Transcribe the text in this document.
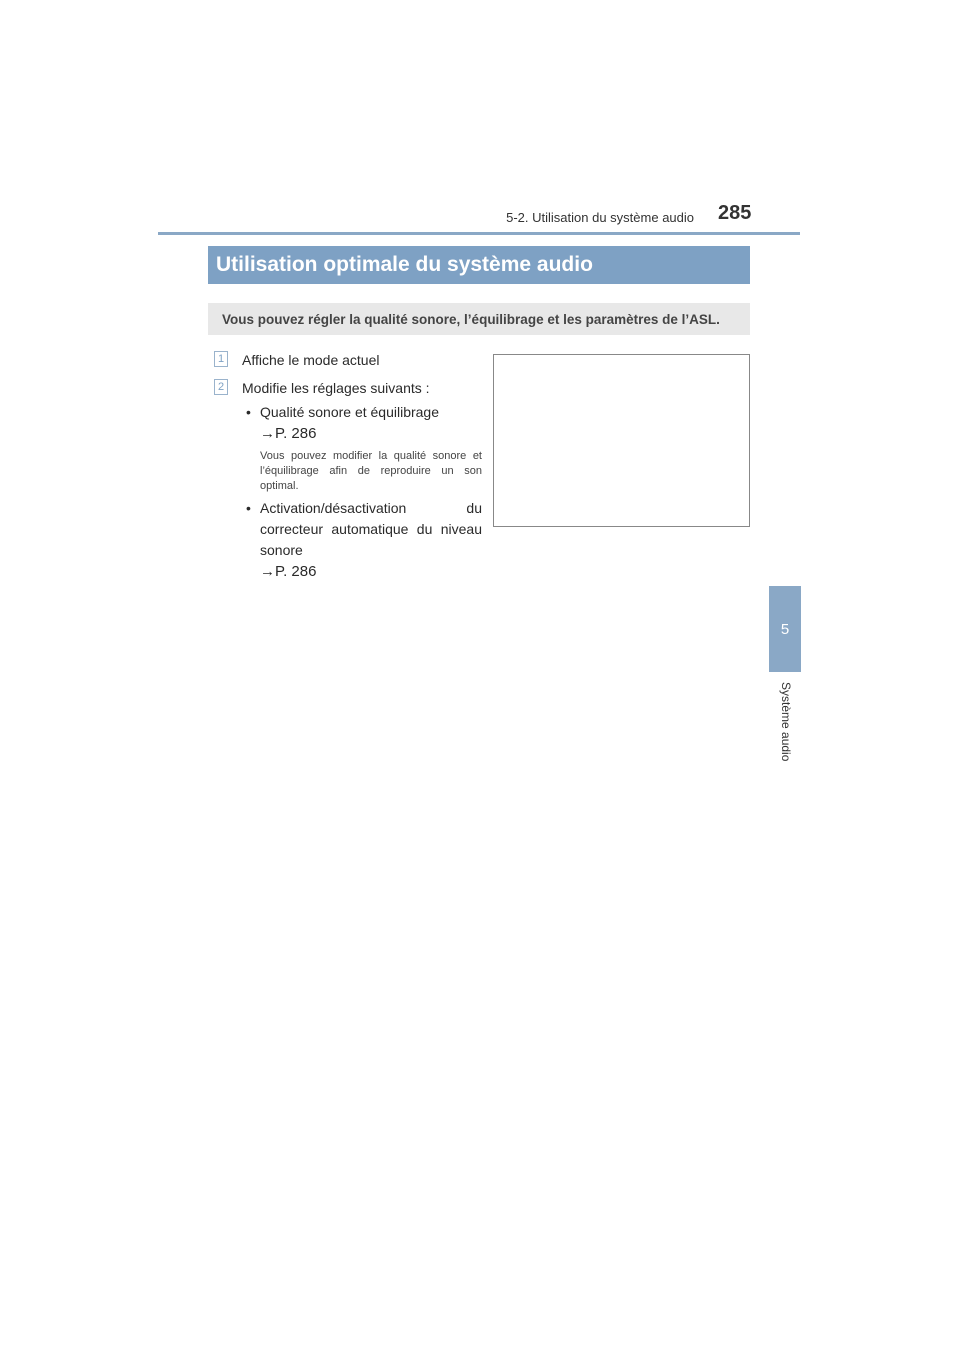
5-2. Utilisation du système audio 285
5
Système audio
Utilisation optimale du système audio
Vous pouvez régler la qualité sonore, l’équilibrage et les paramètres de l’ASL.
1 Affiche le mode actuel
2 Modifie les réglages suivants :
• Qualité sonore et équilibrage
→P. 286
Vous pouvez modifier la qualité sonore et l’équilibrage afin de reproduire un son optimal.
• Activation/désactivation du correcteur automatique du niveau sonore
→P. 286
